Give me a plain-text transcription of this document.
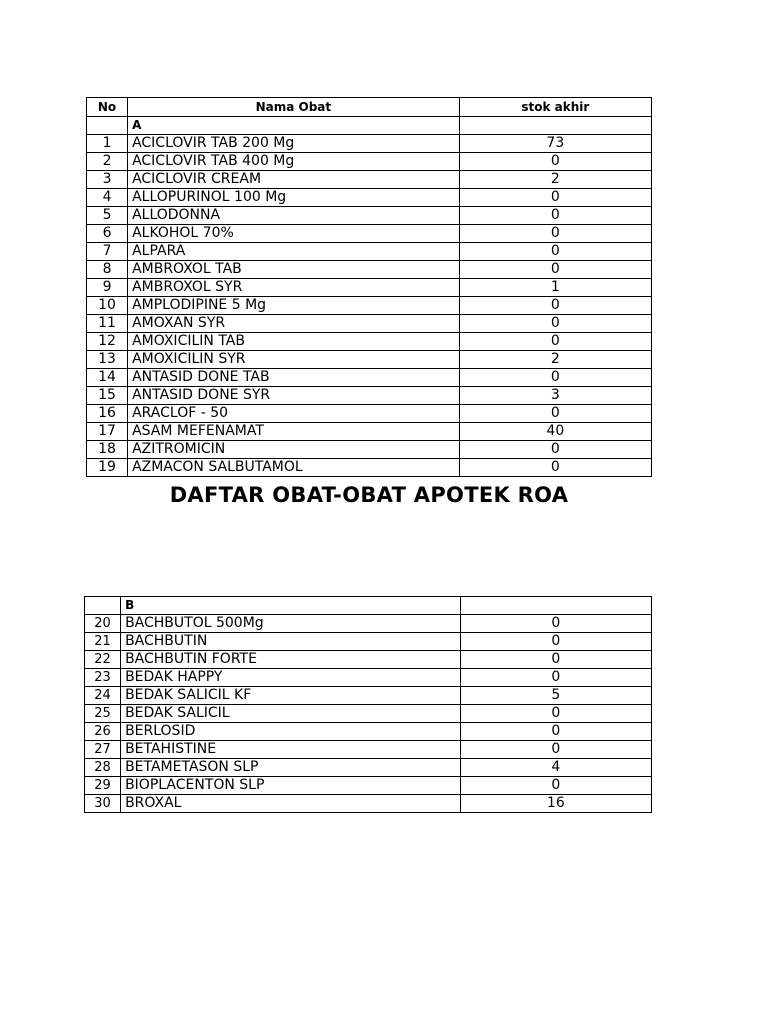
No	Nama Obat	stok akhir
	A	
1	ACICLOVIR TAB 200 Mg	73
2	ACICLOVIR TAB 400 Mg	0
3	ACICLOVIR CREAM	2
4	ALLOPURINOL 100 Mg	0
5	ALLODONNA	0
6	ALKOHOL 70%	0
7	ALPARA	0
8	AMBROXOL TAB	0
9	AMBROXOL SYR	1
10	AMPLODIPINE 5 Mg	0
11	AMOXAN SYR	0
12	AMOXICILIN TAB	0
13	AMOXICILIN SYR	2
14	ANTASID DONE TAB	0
15	ANTASID DONE SYR	3
16	ARACLOF - 50	0
17	ASAM MEFENAMAT	40
18	AZITROMICIN	0
19	AZMACON SALBUTAMOL	0
DAFTAR OBAT-OBAT APOTEK ROA
	B	
20	BACHBUTOL 500Mg	0
21	BACHBUTIN	0
22	BACHBUTIN FORTE	0
23	BEDAK HAPPY	0
24	BEDAK SALICIL KF	5
25	BEDAK SALICIL	0
26	BERLOSID	0
27	BETAHISTINE	0
28	BETAMETASON SLP	4
29	BIOPLACENTON SLP	0
30	BROXAL	16
